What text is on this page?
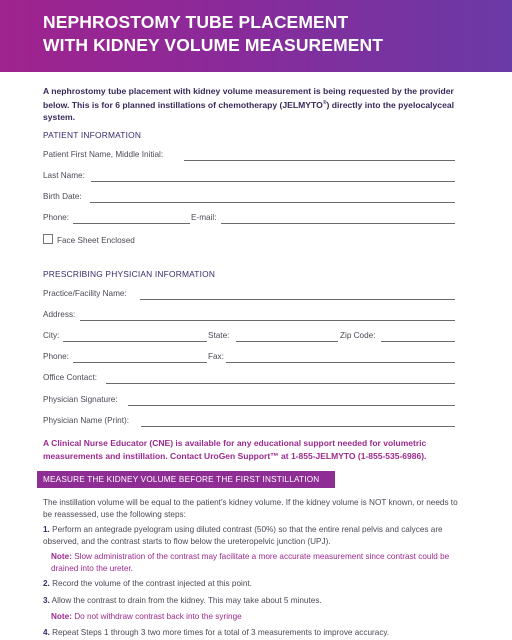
NEPHROSTOMY TUBE PLACEMENT
WITH KIDNEY VOLUME MEASUREMENT
A nephrostomy tube placement with kidney volume measurement is being requested by the provider below. This is for 6 planned instillations of chemotherapy (JELMYTO®) directly into the pyelocalyceal system.
PATIENT INFORMATION
Patient First Name, Middle Initial:
Last Name:
Birth Date:
Phone:	E-mail:
Face Sheet Enclosed
PRESCRIBING PHYSICIAN INFORMATION
Practice/Facility Name:
Address:
City:	State:	Zip Code:
Phone:	Fax:
Office Contact:
Physician Signature:
Physician Name (Print):
A Clinical Nurse Educator (CNE) is available for any educational support needed for volumetric measurements and instillation. Contact UroGen Support™ at 1-855-JELMYTO (1-855-535-6986).
MEASURE THE KIDNEY VOLUME BEFORE THE FIRST INSTILLATION
The instillation volume will be equal to the patient's kidney volume. If the kidney volume is NOT known, or needs to be reassessed, use the following steps:
1. Perform an antegrade pyelogram using diluted contrast (50%) so that the entire renal pelvis and calyces are observed, and the contrast starts to flow below the ureteropelvic junction (UPJ).
Note: Slow administration of the contrast may facilitate a more accurate measurement since contrast could be drained into the ureter.
2. Record the volume of the contrast injected at this point.
3. Allow the contrast to drain from the kidney. This may take about 5 minutes.
Note: Do not withdraw contrast back into the syringe
4. Repeat Steps 1 through 3 two more times for a total of 3 measurements to improve accuracy.
